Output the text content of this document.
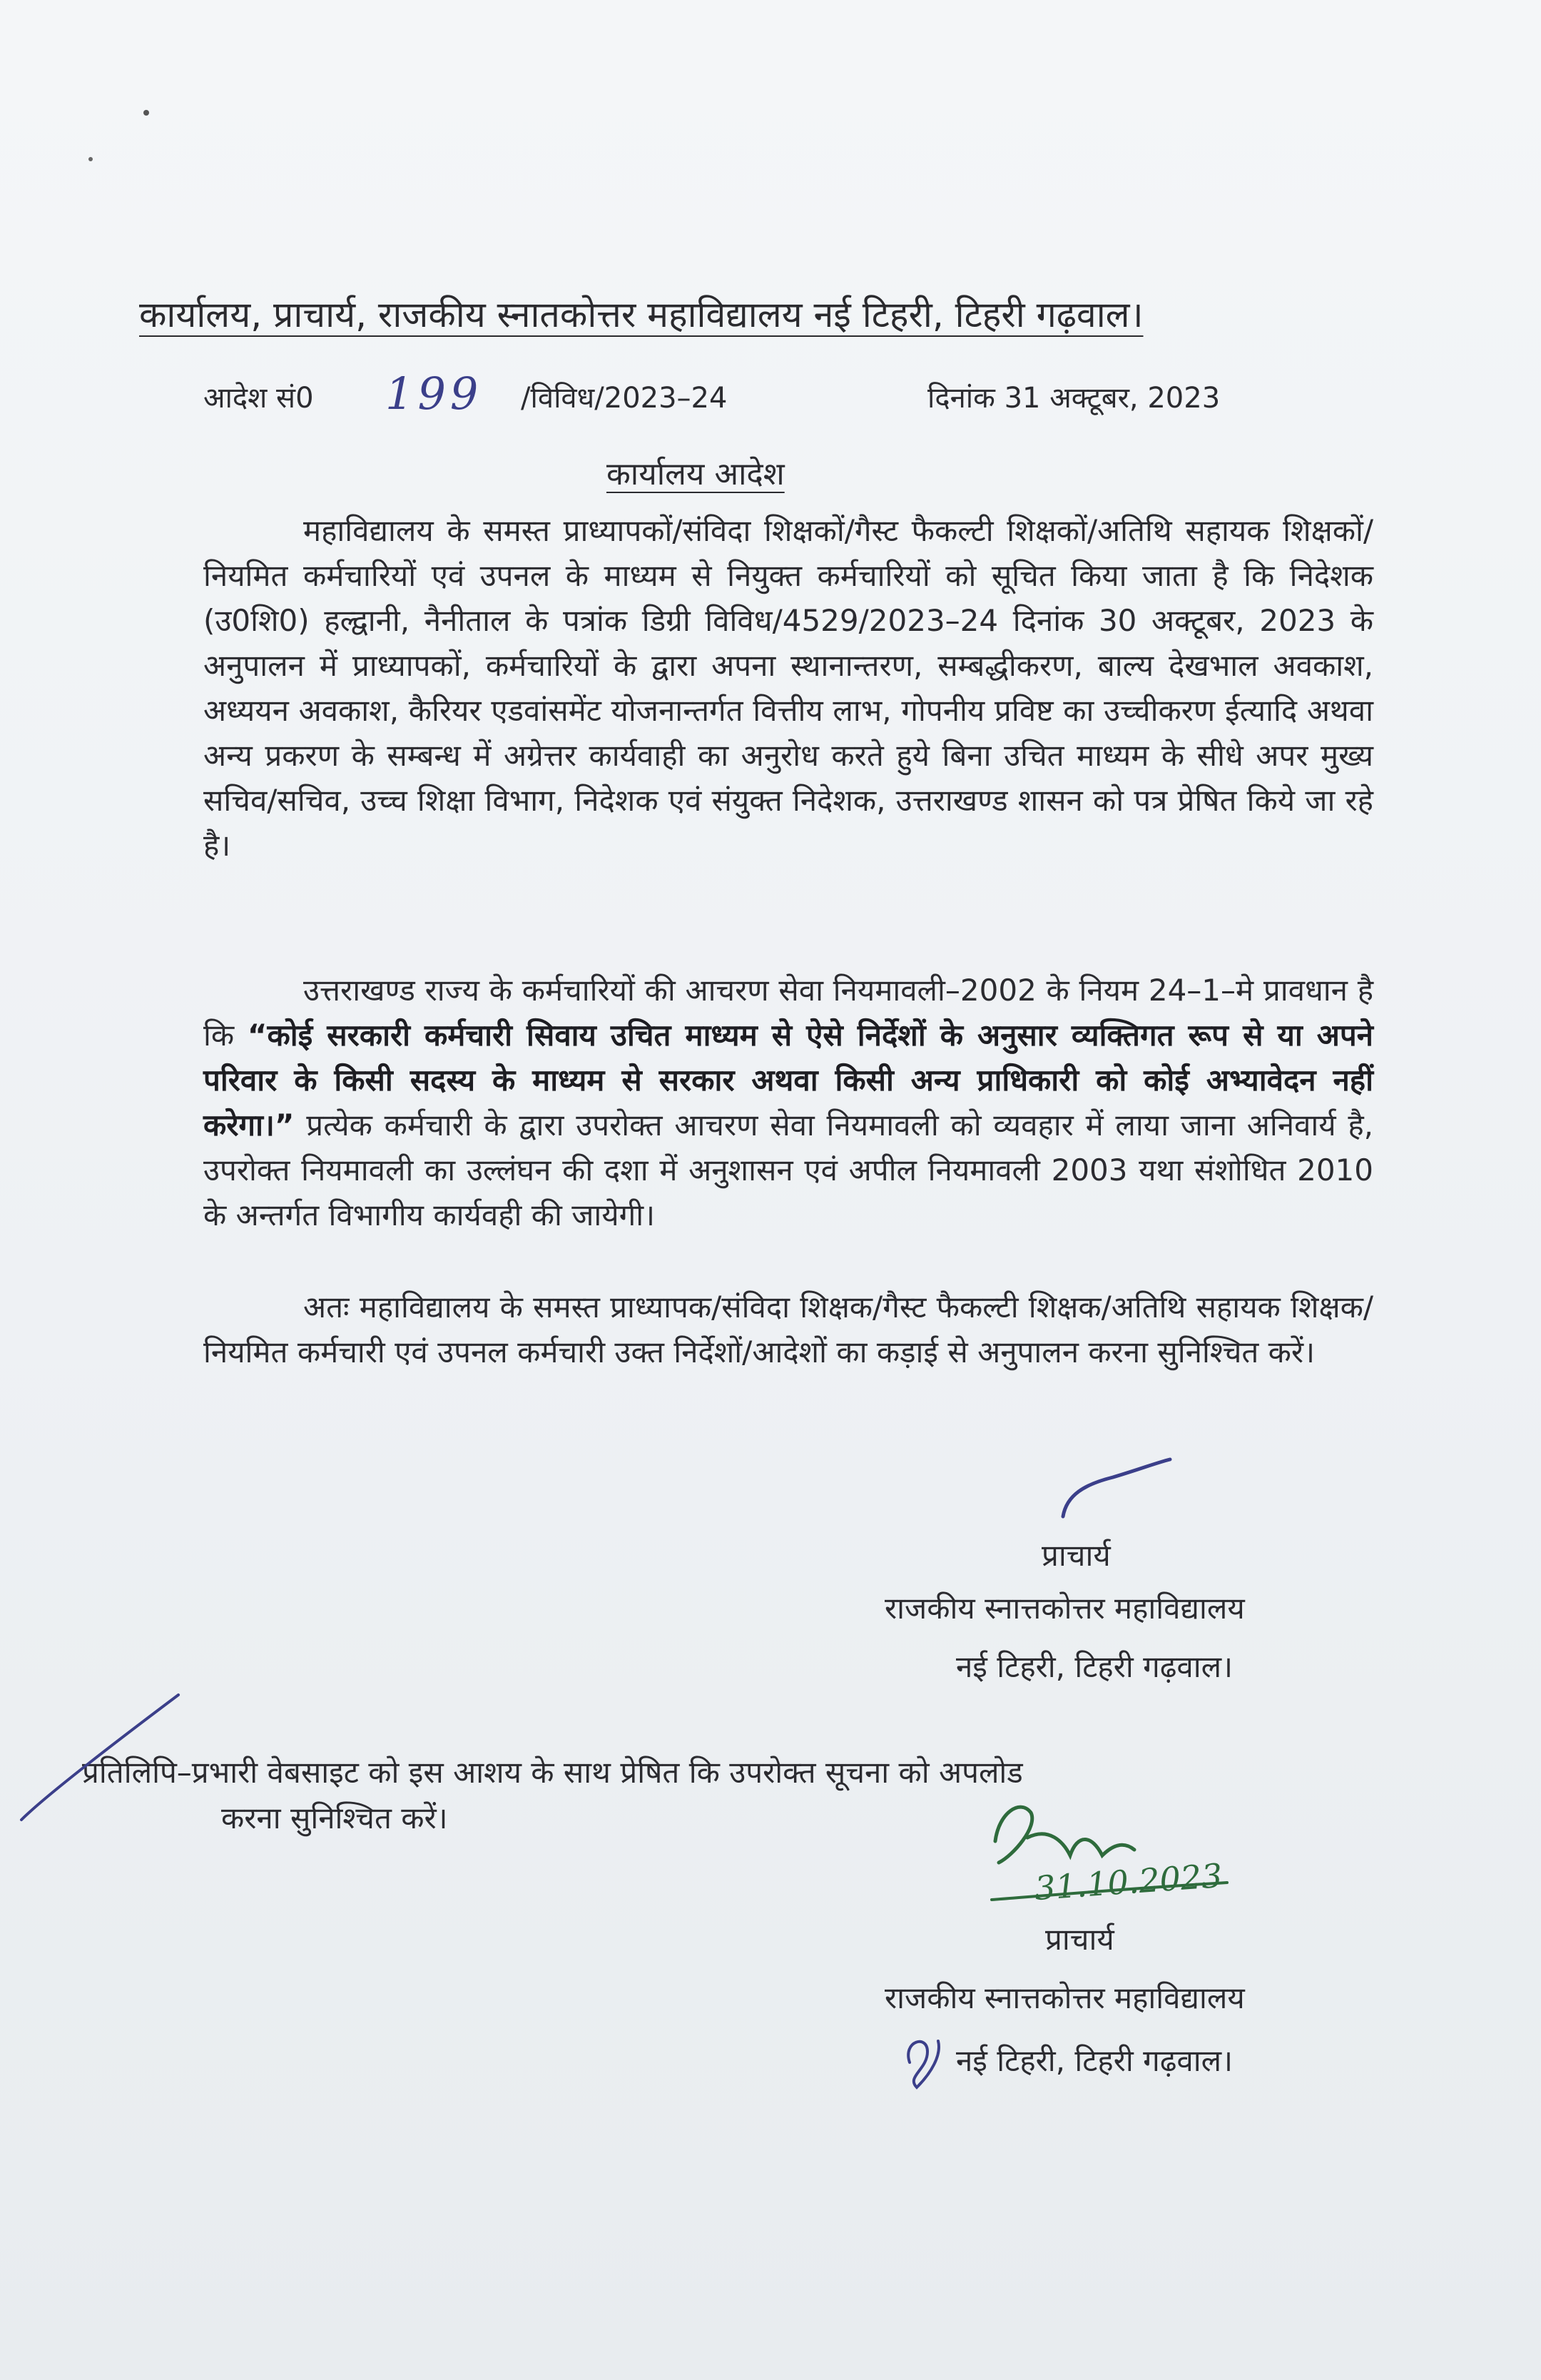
कार्यालय, प्राचार्य, राजकीय स्नातकोत्तर महाविद्यालय नई टिहरी, टिहरी गढ़वाल।
आदेश सं0 199 /विविध/2023–24	दिनांक 31 अक्टूबर, 2023
कार्यालय आदेश

महाविद्यालय के समस्त प्राध्यापकों/संविदा शिक्षकों/गैस्ट फैकल्टी शिक्षकों/अतिथि सहायक शिक्षकों/नियमित कर्मचारियों एवं उपनल के माध्यम से नियुक्त कर्मचारियों को सूचित किया जाता है कि निदेशक (उ0शि0) हल्द्वानी, नैनीताल के पत्रांक डिग्री विविध/4529/2023–24 दिनांक 30 अक्टूबर, 2023 के अनुपालन में प्राध्यापकों, कर्मचारियों के द्वारा अपना स्थानान्तरण, सम्बद्धीकरण, बाल्य देखभाल अवकाश, अध्ययन अवकाश, कैरियर एडवांसमेंट योजनान्तर्गत वित्तीय लाभ, गोपनीय प्रविष्ट का उच्चीकरण ईत्यादि अथवा अन्य प्रकरण के सम्बन्ध में अग्रेत्तर कार्यवाही का अनुरोध करते हुये बिना उचित माध्यम के सीधे अपर मुख्य सचिव/सचिव, उच्च शिक्षा विभाग, निदेशक एवं संयुक्त निदेशक, उत्तराखण्ड शासन को पत्र प्रेषित किये जा रहे है।

उत्तराखण्ड राज्य के कर्मचारियों की आचरण सेवा नियमावली–2002 के नियम 24–1–मे प्रावधान है कि “कोई सरकारी कर्मचारी सिवाय उचित माध्यम से ऐसे निर्देशों के अनुसार व्यक्तिगत रूप से या अपने परिवार के किसी सदस्य के माध्यम से सरकार अथवा किसी अन्य प्राधिकारी को कोई अभ्यावेदन नहीं करेगा।” प्रत्येक कर्मचारी के द्वारा उपरोक्त आचरण सेवा नियमावली को व्यवहार में लाया जाना अनिवार्य है, उपरोक्त नियमावली का उल्लंघन की दशा में अनुशासन एवं अपील नियमावली 2003 यथा संशोधित 2010 के अन्तर्गत विभागीय कार्यवही की जायेगी।

अतः महाविद्यालय के समस्त प्राध्यापक/संविदा शिक्षक/गैस्ट फैकल्टी शिक्षक/अतिथि सहायक शिक्षक/नियमित कर्मचारी एवं उपनल कर्मचारी उक्त निर्देशों/आदेशों का कड़ाई से अनुपालन करना सुनिश्चित करें।

प्राचार्य
राजकीय स्नात्तकोत्तर महाविद्यालय
नई टिहरी, टिहरी गढ़वाल।
प्रतिलिपि–प्रभारी वेबसाइट को इस आशय के साथ प्रेषित कि उपरोक्त सूचना को अपलोड
करना सुनिश्चित करें।
31.10.2023
प्राचार्य
राजकीय स्नात्तकोत्तर महाविद्यालय
नई टिहरी, टिहरी गढ़वाल।
